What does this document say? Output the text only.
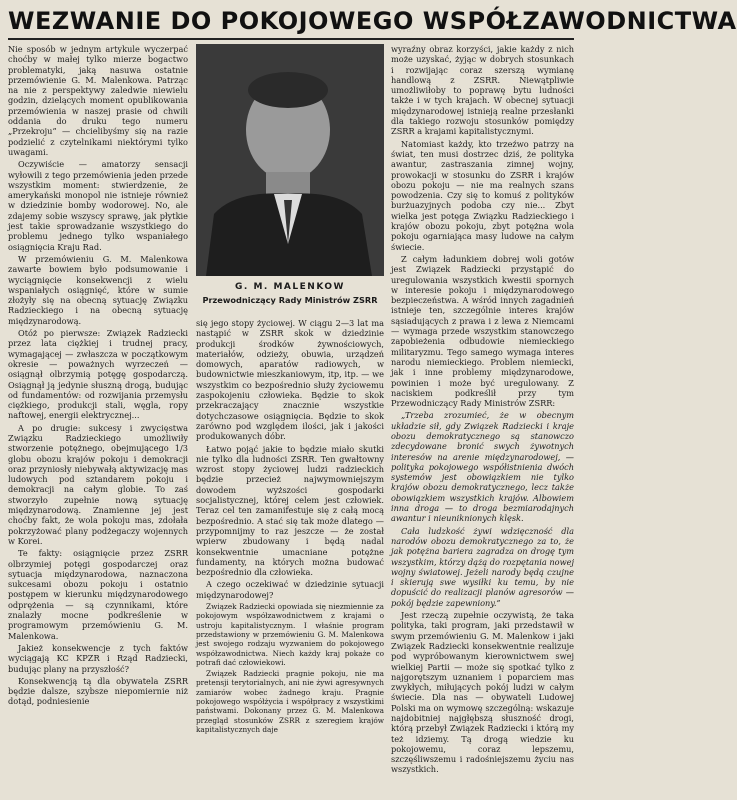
WEZWANIE DO POKOJOWEGO WSPÓŁZAWODNICTWA

Nie sposób w jednym artykule wyczerpać choćby w małej tylko mierze bogactwo problematyki, jaką nasuwa ostatnie przemówienie G. M. Malenkowa. Patrząc na nie z perspektywy zaledwie niewielu godzin, dzielących moment opublikowania przemówienia w naszej prasie od chwili oddania do druku tego numeru „Przekroju” — chcielibyśmy się na razie podzielić z czytelnikami niektórymi tylko uwagami.

Oczywiście — amatorzy sensacji wyłowili z tego przemówienia jeden przede wszystkim moment: stwierdzenie, że amerykański monopol nie istnieje również w dziedzinie bomby wodorowej. No, ale zdajemy sobie wszyscy sprawę, jak płytkie jest takie sprowadzanie wszystkiego do problemu jednego tylko wspaniałego osiągnięcia Kraju Rad.

W przemówieniu G. M. Malenkowa zawarte bowiem było podsumowanie i wyciągnięcie konsekwencji z wielu wspaniałych osiągnięć, które w sumie złożyły się na obecną sytuację Związku Radzieckiego i na obecną sytuację międzynarodową.

Otóż po pierwsze: Związek Radziecki przez lata ciężkiej i trudnej pracy, wymagającej — zwłaszcza w początkowym okresie — poważnych wyrzeczeń — osiągnął olbrzymią potęgę gospodarczą. Osiągnął ją jedynie słuszną drogą, budując od fundamentów: od rozwijania przemysłu ciężkiego, produkcji stali, węgla, ropy naftowej, energii elektrycznej...

A po drugie: sukcesy i zwycięstwa Związku Radzieckiego umożliwiły stworzenie potężnego, obejmującego 1/3 globu obozu krajów pokoju i demokracji oraz przyniosły niebywałą aktywizację mas ludowych pod sztandarem pokoju i demokracji na całym globie. To zaś stworzyło zupełnie nową sytuację międzynarodową. Znamienne jej jest choćby fakt, że wola pokoju mas, zdołała pokrzyżować plany podżegaczy wojennych w Korei.

Te fakty: osiągnięcie przez ZSRR olbrzymiej potęgi gospodarczej oraz sytuacja międzynarodowa, naznaczona sukcesami obozu pokoju i ostatnio postępem w kierunku międzynarodowego odprężenia — są czynnikami, które znalazły mocne podkreślenie w programowym przemówieniu G. M. Malenkowa.

Jakież konsekwencje z tych faktów wyciągają KC KPZR i Rząd Radziecki, budując plany na przyszłość?

Konsekwencją tą dla obywatela ZSRR będzie dalsze, szybsze niepomiernie niż dotąd, podniesienie

G. M. MALENKOW
Przewodniczący Rady Ministrów ZSRR

się jego stopy życiowej. W ciągu 2—3 lat ma nastąpić w ZSRR skok w dziedzinie produkcji środków żywnościowych, materiałów, odzieży, obuwia, urządzeń domowych, aparatów radiowych, w budownictwie mieszkaniowym, itp, itp. — we wszystkim co bezpośrednio służy życiowemu zaspokojeniu człowieka. Będzie to skok przekraczający znacznie wszystkie dotychczasowe osiągnięcia. Będzie to skok zarówno pod względem ilości, jak i jakości produkowanych dóbr.

Łatwo pojąć jakie to będzie miało skutki nie tylko dla ludności ZSRR. Ten gwałtowny wzrost stopy życiowej ludzi radzieckich będzie przecież najwymowniejszym dowodem wyższości gospodarki socjalistycznej, której celem jest człowiek. Teraz cel ten zamanifestuje się z całą mocą bezpośrednio. A stać się tak może dlatego — przypomnijmy to raz jeszcze — że został wpierw zbudowany i będą nadal konsekwentnie umacniane potężne fundamenty, na których można budować bezpośrednio dla człowieka.

A czego oczekiwać w dziedzinie sytuacji międzynarodowej?

Związek Radziecki opowiada się niezmiennie za pokojowym współzawodnictwem z krajami o ustroju kapitalistycznym. I właśnie program przedstawiony w przemówieniu G. M. Malenkowa jest swojego rodzaju wyzwaniem do pokojowego współzawodnictwa. Niech każdy kraj pokaże co potrafi dać człowiekowi.

Związek Radziecki pragnie pokoju, nie ma pretensji terytorialnych, ani nie żywi agresywnych zamiarów wobec żadnego kraju. Pragnie pokojowego współżycia i współpracy z wszystkimi państwami. Dokonany przez G. M. Malenkowa przegląd stosunków ZSRR z szeregiem krajów kapitalistycznych daje

wyraźny obraz korzyści, jakie każdy z nich może uzyskać, żyjąc w dobrych stosunkach i rozwijając coraz szerszą wymianę handlową z ZSRR. Niewątpliwie umożliwiłoby to poprawę bytu ludności także i w tych krajach. W obecnej sytuacji międzynarodowej istnieją realne przesłanki dla takiego rozwoju stosunków pomiędzy ZSRR a krajami kapitalistycznymi.

Natomiast każdy, kto trzeźwo patrzy na świat, ten musi dostrzec dziś, że polityka awantur, zastraszania zimnej wojny, prowokacji w stosunku do ZSRR i krajów obozu pokoju — nie ma realnych szans powodzenia. Czy się to komuś z polityków burżuazyjnych podoba czy nie... Zbyt wielka jest potęga Związku Radzieckiego i krajów obozu pokoju, zbyt potężna wola pokoju ogarniająca masy ludowe na całym świecie.

Z całym ładunkiem dobrej woli gotów jest Związek Radziecki przystąpić do uregulowania wszystkich kwestii spornych w interesie pokoju i międzynarodowego bezpieczeństwa. A wśród innych zagadnień istnieje ten, szczególnie interes krajów sąsiadujących z prawa i z lewa z Niemcami — wymaga przede wszystkim stanowczego zapobieżenia odbudowie niemieckiego militaryzmu. Tego samego wymaga interes narodu niemieckiego. Problem niemiecki, jak i inne problemy międzynarodowe, powinien i może być uregulowany. Z naciskiem podkreślił przy tym Przewodniczący Rady Ministrów ZSRR:

„Trzeba zrozumieć, że w obecnym układzie sił, gdy Związek Radziecki i kraje obozu demokratycznego są stanowczo zdecydowane bronić swych żywotnych interesów na arenie międzynarodowej, — polityka pokojowego współistnienia dwóch systemów jest obowiązkiem nie tylko krajów obozu demokratycznego, lecz także obowiązkiem wszystkich krajów. Albowiem inna droga — to droga bezmiarodajnych awantur i nieuniknionych klęsk.

Cała ludzkość żywi wdzięczność dla narodów obozu demokratycznego za to, że jak potężna bariera zagradza on drogę tym wszystkim, którzy dążą do rozpętania nowej wojny światowej. Jeżeli narody będą czujne i skierują swe wysiłki ku temu, by nie dopuścić do realizacji planów agresorów — pokój będzie zapewniony.”

Jest rzeczą zupełnie oczywistą, że taka polityka, taki program, jaki przedstawił w swym przemówieniu G. M. Malenkow i jaki Związek Radziecki konsekwentnie realizuje pod wypróbowanym kierownictwem swej wielkiej Partii — może się spotkać tylko z najgorętszym uznaniem i poparciem mas zwykłych, miłujących pokój ludzi w całym świecie. Dla nas — obywateli Ludowej Polski ma on wymowę szczególną: wskazuje najdobitniej najgłębszą słuszność drogi, którą przebył Związek Radziecki i którą my też idziemy. Tą drogą wiedzie ku pokojowemu, coraz lepszemu, szczęśliwszemu i radośniejszemu życiu nas wszystkich.
